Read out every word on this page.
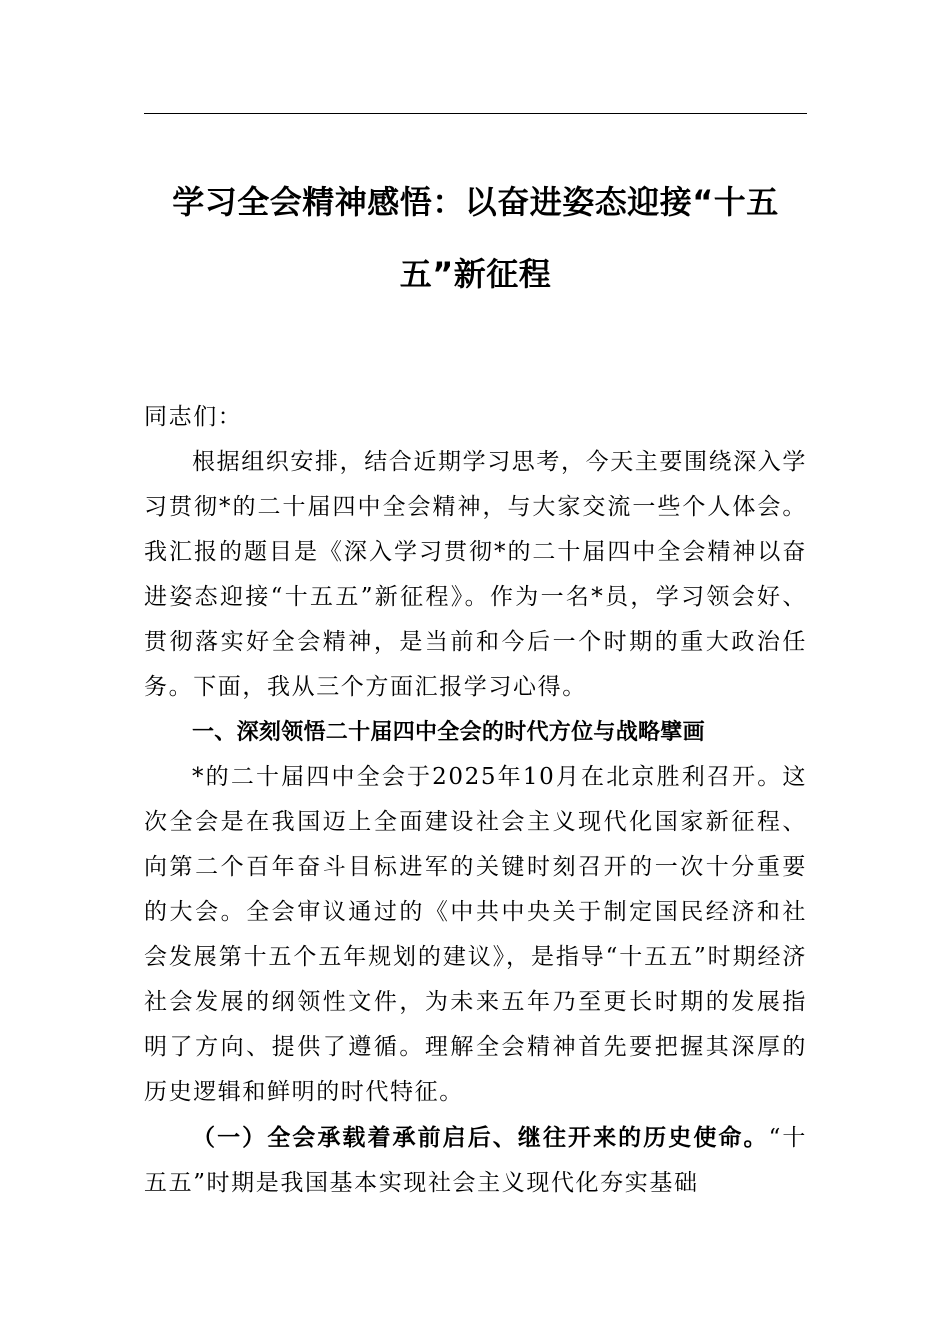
学习全会精神感悟：以奋进姿态迎接“十五五”新征程

同志们：

根据组织安排，结合近期学习思考，今天主要围绕深入学习贯彻*的二十届四中全会精神，与大家交流一些个人体会。我汇报的题目是《深入学习贯彻*的二十届四中全会精神以奋进姿态迎接“十五五”新征程》。作为一名*员，学习领会好、贯彻落实好全会精神，是当前和今后一个时期的重大政治任务。下面，我从三个方面汇报学习心得。

一、深刻领悟二十届四中全会的时代方位与战略擘画

*的二十届四中全会于2025年10月在北京胜利召开。这次全会是在我国迈上全面建设社会主义现代化国家新征程、向第二个百年奋斗目标进军的关键时刻召开的一次十分重要的大会。全会审议通过的《中共中央关于制定国民经济和社会发展第十五个五年规划的建议》，是指导“十五五”时期经济社会发展的纲领性文件，为未来五年乃至更长时期的发展指明了方向、提供了遵循。理解全会精神首先要把握其深厚的历史逻辑和鲜明的时代特征。

（一）全会承载着承前启后、继往开来的历史使命。“十五五”时期是我国基本实现社会主义现代化夯实基础
